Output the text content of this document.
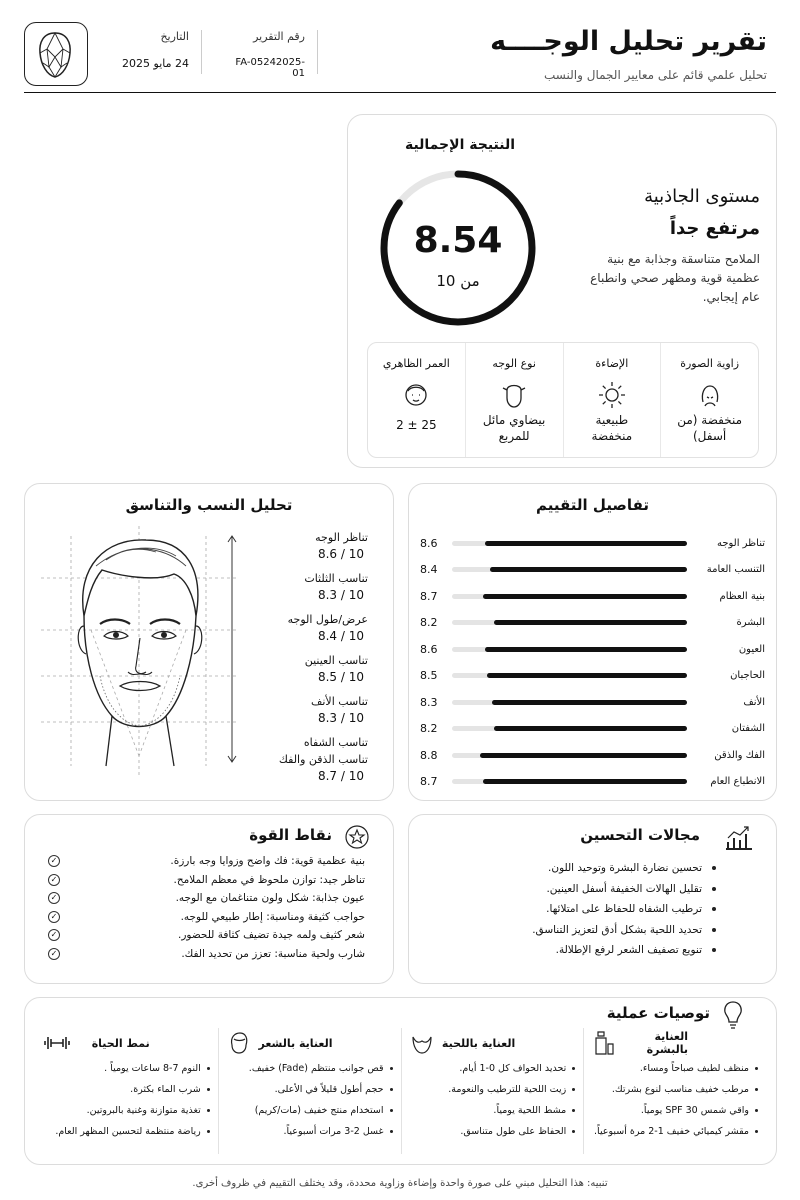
تقرير تحليل الوجــــه
تحليل علمي قائم على معايير الجمال والنسب
رقم التقرير
FA-05242025-01
التاريخ
24 مايو 2025
النتيجة الإجمالية
8.54
من 10
مستوى الجاذبية
مرتفع جداً
الملامح متناسقة وجذابة مع بنية عظمية قوية ومظهر صحي وانطباع عام إيجابي.
زاوية الصورة
منخفضة (من أسفل)
الإضاءة
طبيعية منخفضة
نوع الوجه
بيضاوي مائل للمربع
العمر الظاهري
25 ± 2
تفاصيل التقييم
تناظر الوجه
8.6
التنسب العامة
8.4
بنية العظام
8.7
البشرة
8.2
العيون
8.6
الحاجبان
8.5
الأنف
8.3
الشفتان
8.2
الفك والذقن
8.8
الانطباع العام
8.7
تحليل النسب والتناسق
تناظر الوجه
8.6 / 10
تناسب الثلثات
8.3 / 10
عرض/طول الوجه
8.4 / 10
تناسب العينين
8.5 / 10
تناسب الأنف
8.3 / 10
تناسب الشفاه
تناسب الذقن والفك
8.7 / 10
نقاط القوة
بنية عظمية قوية: فك واضح وزوايا وجه بارزة.
✓
تناظر جيد: توازن ملحوظ في معظم الملامح.
✓
عيون جذابة: شكل ولون متناغمان مع الوجه.
✓
حواجب كثيفة ومناسبة: إطار طبيعي للوجه.
✓
شعر كثيف ولمه جيدة تضيف كثافة للحضور.
✓
شارب ولحية مناسبة: تعزز من تحديد الفك.
✓
مجالات التحسين
تحسين نضارة البشرة وتوحيد اللون.
تقليل الهالات الخفيفة أسفل العينين.
ترطيب الشفاه للحفاظ على امتلائها.
تحديد اللحية بشكل أدق لتعزيز التناسق.
تنويع تصفيف الشعر لرفع الإطلالة.
توصيات عملية
العناية بالبشرة
منظف لطيف صباحاً ومساء.
مرطب خفيف مناسب لنوع بشرتك.
واقي شمس SPF 30 يومياً.
مقشر كيميائي خفيف 1-2 مرة أسبوعياً.
العناية باللحية
تحديد الحواف كل 0-1 أيام.
زيت اللحية للترطيب والنعومة.
مشط اللحية يومياً.
الحفاظ على طول متناسق.
العناية بالشعر
قص جوانب منتظم (Fade) خفيف.
حجم أطول قليلاً في الأعلى.
استخدام منتج خفيف (مات/كريم)
غسل 2-3 مرات أسبوعياً.
نمط الحياة
النوم 7-8 ساعات يومياً .
شرب الماء بكثرة.
تغذية متوازنة وغنية بالبروتين.
رياضة منتظمة لتحسين المظهر العام.
تنبيه: هذا التحليل مبني على صورة واحدة وإضاءة وزاوية محددة، وقد يختلف التقييم في ظروف أخرى.
